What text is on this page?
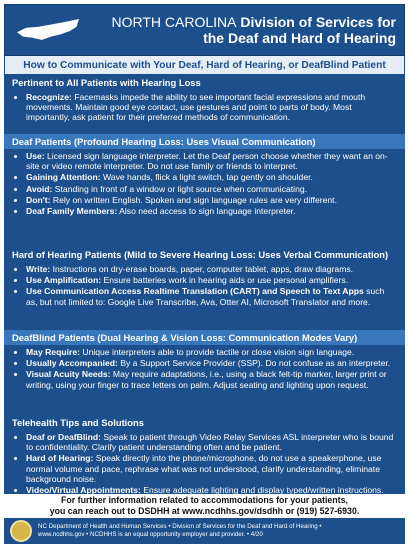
NORTH CAROLINA Division of Services for
the Deaf and Hard of Hearing
How to Communicate with Your Deaf, Hard of Hearing, or DeafBlind Patient
Pertinent to All Patients with Hearing Loss
• Recognize: Facemasks impede the ability to see important facial expressions and mouth movements. Maintain good eye contact, use gestures and point to parts of body. Most importantly, ask patient for their preferred methods of communication.
Deaf Patients (Profound Hearing Loss: Uses Visual Communication)
• Use: Licensed sign language interpreter. Let the Deaf person choose whether they want an on-site or video remote interpreter. Do not use family or friends to interpret.
• Gaining Attention: Wave hands, flick a light switch, tap gently on shoulder.
• Avoid: Standing in front of a window or light source when communicating.
• Don't: Rely on written English. Spoken and sign language rules are very different.
• Deaf Family Members: Also need access to sign language interpreter.
Hard of Hearing Patients (Mild to Severe Hearing Loss: Uses Verbal Communication)
• Write: Instructions on dry-erase boards, paper, computer tablet, apps, draw diagrams.
• Use Amplification: Ensure batteries work in hearing aids or use personal amplifiers.
• Use Communication Access Realtime Translation (CART) and Speech to Text Apps such as, but not limited to: Google Live Transcribe, Ava, Otter AI, Microsoft Translator and more.
DeafBlind Patients (Dual Hearing & Vision Loss: Communication Modes Vary)
• May Require: Unique interpreters able to provide tactile or close vision sign language.
• Usually Accompanied: By a Support Service Provider (SSP). Do not confuse as an interpreter.
• Visual Acuity Needs: May require adaptations, i.e., using a black felt-tip marker, larger print or writing, using your finger to trace letters on palm. Adjust seating and lighting upon request.
Telehealth Tips and Solutions
• Deaf or DeafBlind: Speak to patient through Video Relay Services ASL interpreter who is bound to confidentiality. Clarify patient understanding often and be patient.
• Hard of Hearing: Speak directly into the phone/microphone, do not use a speakerphone, use normal volume and pace, rephrase what was not understood, clarify understanding, eliminate background noise.
• Video/Virtual Appointments: Ensure adequate lighting and display typed/written instructions.
For further information related to accommodations for your patients,
you can reach out to DSDHH at www.ncdhhs.gov/dsdhh or (919) 527-6930.
NC Department of Health and Human Services • Division of Services for the Deaf and Hard of Hearing •
www.ncdhhs.gov • NCDHHS is an equal opportunity employer and provider. • 4/20
